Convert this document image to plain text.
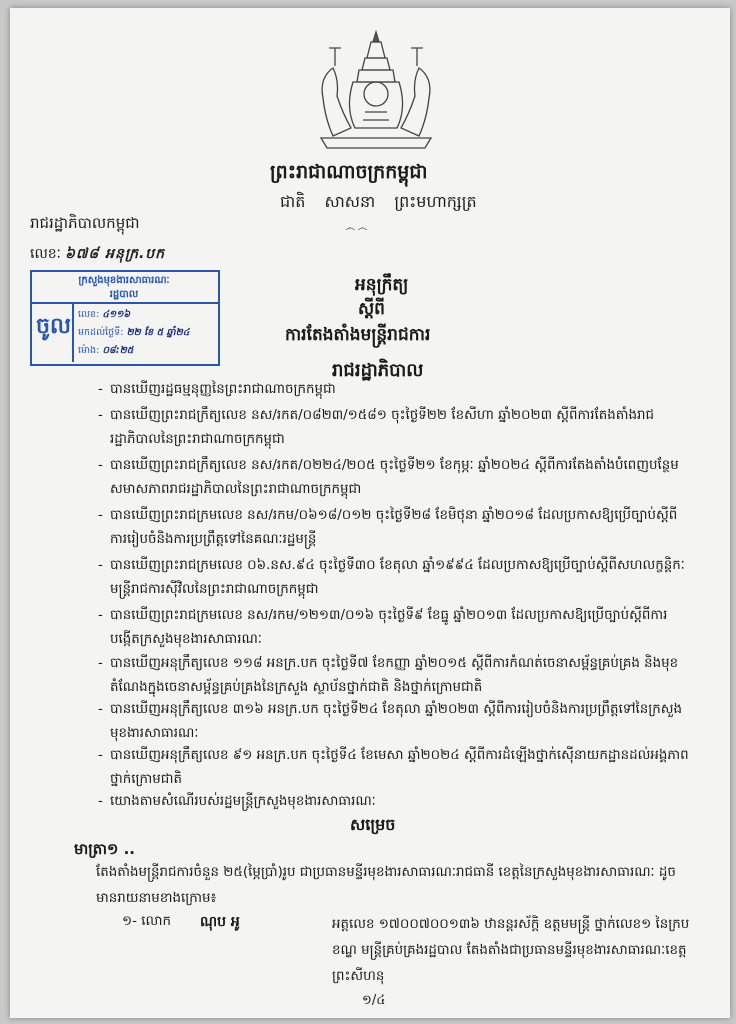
ព្រះរាជាណាចក្រកម្ពុជា
ជាតិ សាសនា ព្រះមហាក្សត្រ
෴෴
រាជរដ្ឋាភិបាលកម្ពុជា
លេខៈ ៦៧៨ អនុក្រ.បក
ក្រសួងមុខងារសាធារណៈ
រដ្ឋបាល
ចូល លេខ: ៤១១៦
មកដល់ថ្ងៃទី: ២២ ខែ ៥ ឆ្នាំ២៤
ម៉ោង: ០៨:២៥
អនុក្រឹត្យ
ស្ដីពី
ការតែងតាំងមន្ត្រីរាជការ
រាជរដ្ឋាភិបាល
- បានឃើញរដ្ឋធម្មនុញ្ញនៃព្រះរាជាណាចក្រកម្ពុជា
- បានឃើញព្រះរាជក្រឹត្យលេខ នស/រកត/០៨២៣/១៥៨១ ចុះថ្ងៃទី២២ ខែសីហា ឆ្នាំ២០២៣ ស្ដីពីការតែងតាំងរាជរដ្ឋាភិបាលនៃព្រះរាជាណាចក្រកម្ពុជា
- បានឃើញព្រះរាជក្រឹត្យលេខ នស/រកត/០២២៤/២០៥ ចុះថ្ងៃទី២១ ខែកុម្ភៈ ឆ្នាំ២០២៤ ស្ដីពីការតែងតាំងបំពេញបន្ថែមសមាសភាពរាជរដ្ឋាភិបាលនៃព្រះរាជាណាចក្រកម្ពុជា
- បានឃើញព្រះរាជក្រមលេខ នស/រកម/០៦១៨/០១២ ចុះថ្ងៃទី២៨ ខែមិថុនា ឆ្នាំ២០១៨ ដែលប្រកាសឱ្យប្រើច្បាប់ស្ដីពីការរៀបចំនិងការប្រព្រឹត្តទៅនៃគណៈរដ្ឋមន្ត្រី
- បានឃើញព្រះរាជក្រមលេខ ០៦.នស.៩៤ ចុះថ្ងៃទី៣០ ខែតុលា ឆ្នាំ១៩៩៤ ដែលប្រកាសឱ្យប្រើច្បាប់ស្ដីពីសហលក្ខន្តិកៈមន្ត្រីរាជការស៊ីវិលនៃព្រះរាជាណាចក្រកម្ពុជា
- បានឃើញព្រះរាជក្រមលេខ នស/រកម/១២១៣/០១៦ ចុះថ្ងៃទី៩ ខែធ្នូ ឆ្នាំ២០១៣ ដែលប្រកាសឱ្យប្រើច្បាប់ស្ដីពីការបង្កើតក្រសួងមុខងារសាធារណៈ
- បានឃើញអនុក្រឹត្យលេខ ១១៨ អនក្រ.បក ចុះថ្ងៃទី៧ ខែកញ្ញា ឆ្នាំ២០១៥ ស្ដីពីការកំណត់ចេនាសម្ព័ន្ធគ្រប់គ្រង និងមុខតំណែងក្នុងចេនាសម្ព័ន្ធគ្រប់គ្រងនៃក្រសួង ស្ថាប័នថ្នាក់ជាតិ និងថ្នាក់ក្រោមជាតិ
- បានឃើញអនុក្រឹត្យលេខ ៣១៦ អនក្រ.បក ចុះថ្ងៃទី២៤ ខែតុលា ឆ្នាំ២០២៣ ស្ដីពីការរៀបចំនិងការប្រព្រឹត្តទៅនៃក្រសួងមុខងារសាធារណៈ
- បានឃើញអនុក្រឹត្យលេខ ៩១ អនក្រ.បក ចុះថ្ងៃទី៤ ខែមេសា ឆ្នាំ២០២៤ ស្ដីពីការដំឡើងថ្នាក់ស៊ើនាយកដ្ឋានដល់អង្គភាពថ្នាក់ក្រោមជាតិ
- យោងតាមសំណើរបស់រដ្ឋមន្ត្រីក្រសួងមុខងារសាធារណៈ
សម្រេច
មាត្រា១ ..
តែងតាំងមន្ត្រីរាជការចំនួន ២៥(ម្ភៃប្រាំ)រូប ជាប្រធានមន្ទីរមុខងារសាធារណៈរាជធានី ខេត្តនៃក្រសួងមុខងារសាធារណៈ ដូចមានរាយនាមខាងក្រោម៖
១- លោក ណុប អូ	អត្តលេខ ១៧០០៧០០១៣៦ ឋានន្តរស័ក្ដិ ឧត្តមមន្ត្រី ថ្នាក់លេខ១ នៃក្របខណ្ឌ មន្ត្រីគ្រប់គ្រងរដ្ឋបាល តែងតាំងជាប្រធានមន្ទីរមុខងារសាធារណៈខេត្តព្រះសីហនុ
១/៤
